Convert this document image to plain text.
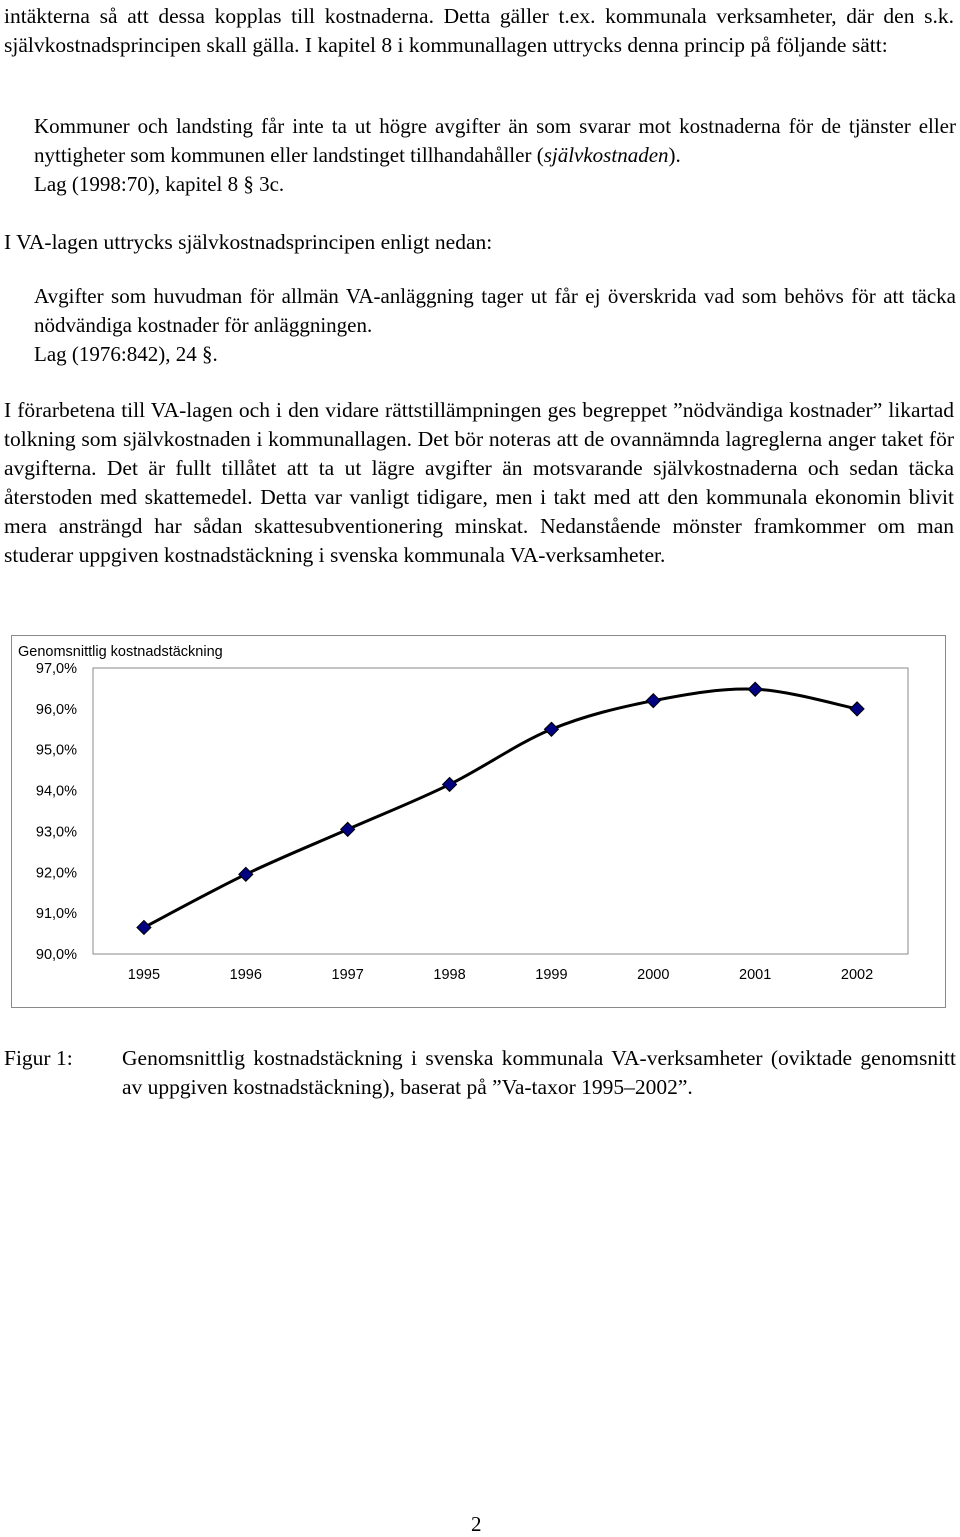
intäkterna så att dessa kopplas till kostnaderna. Detta gäller t.ex. kommunala verksamheter, där den s.k. självkostnadsprincipen skall gälla. I kapitel 8 i kommunallagen uttrycks denna princip på följande sätt:

Kommuner och landsting får inte ta ut högre avgifter än som svarar mot kostnaderna för de tjänster eller nyttigheter som kommunen eller landstinget tillhandahåller (självkostnaden).
Lag (1998:70), kapitel 8 § 3c.

I VA-lagen uttrycks självkostnadsprincipen enligt nedan:

Avgifter som huvudman för allmän VA-anläggning tager ut får ej överskrida vad som behövs för att täcka nödvändiga kostnader för anläggningen.
Lag (1976:842), 24 §.

I förarbetena till VA-lagen och i den vidare rättstillämpningen ges begreppet ”nödvändiga kostnader” likartad tolkning som självkostnaden i kommunallagen. Det bör noteras att de ovannämnda lagreglerna anger taket för avgifterna. Det är fullt tillåtet att ta ut lägre avgifter än motsvarande självkostnaderna och sedan täcka återstoden med skattemedel. Detta var vanligt tidigare, men i takt med att den kommunala ekonomin blivit mera ansträngd har sådan skattesubventionering minskat. Nedanstående mönster framkommer om man studerar uppgiven kostnadstäckning i svenska kommunala VA-verksamheter.

Genomsnittlig kostnadstäckning
90,0%
91,0%
92,0%
93,0%
94,0%
95,0%
96,0%
97,0%
1995	1996	1997	1998	1999	2000	2001	2002

Figur 1: Genomsnittlig kostnadstäckning i svenska kommunala VA-verksamheter (oviktade genomsnitt av uppgiven kostnadstäckning), baserat på ”Va-taxor 1995–2002”.

2
